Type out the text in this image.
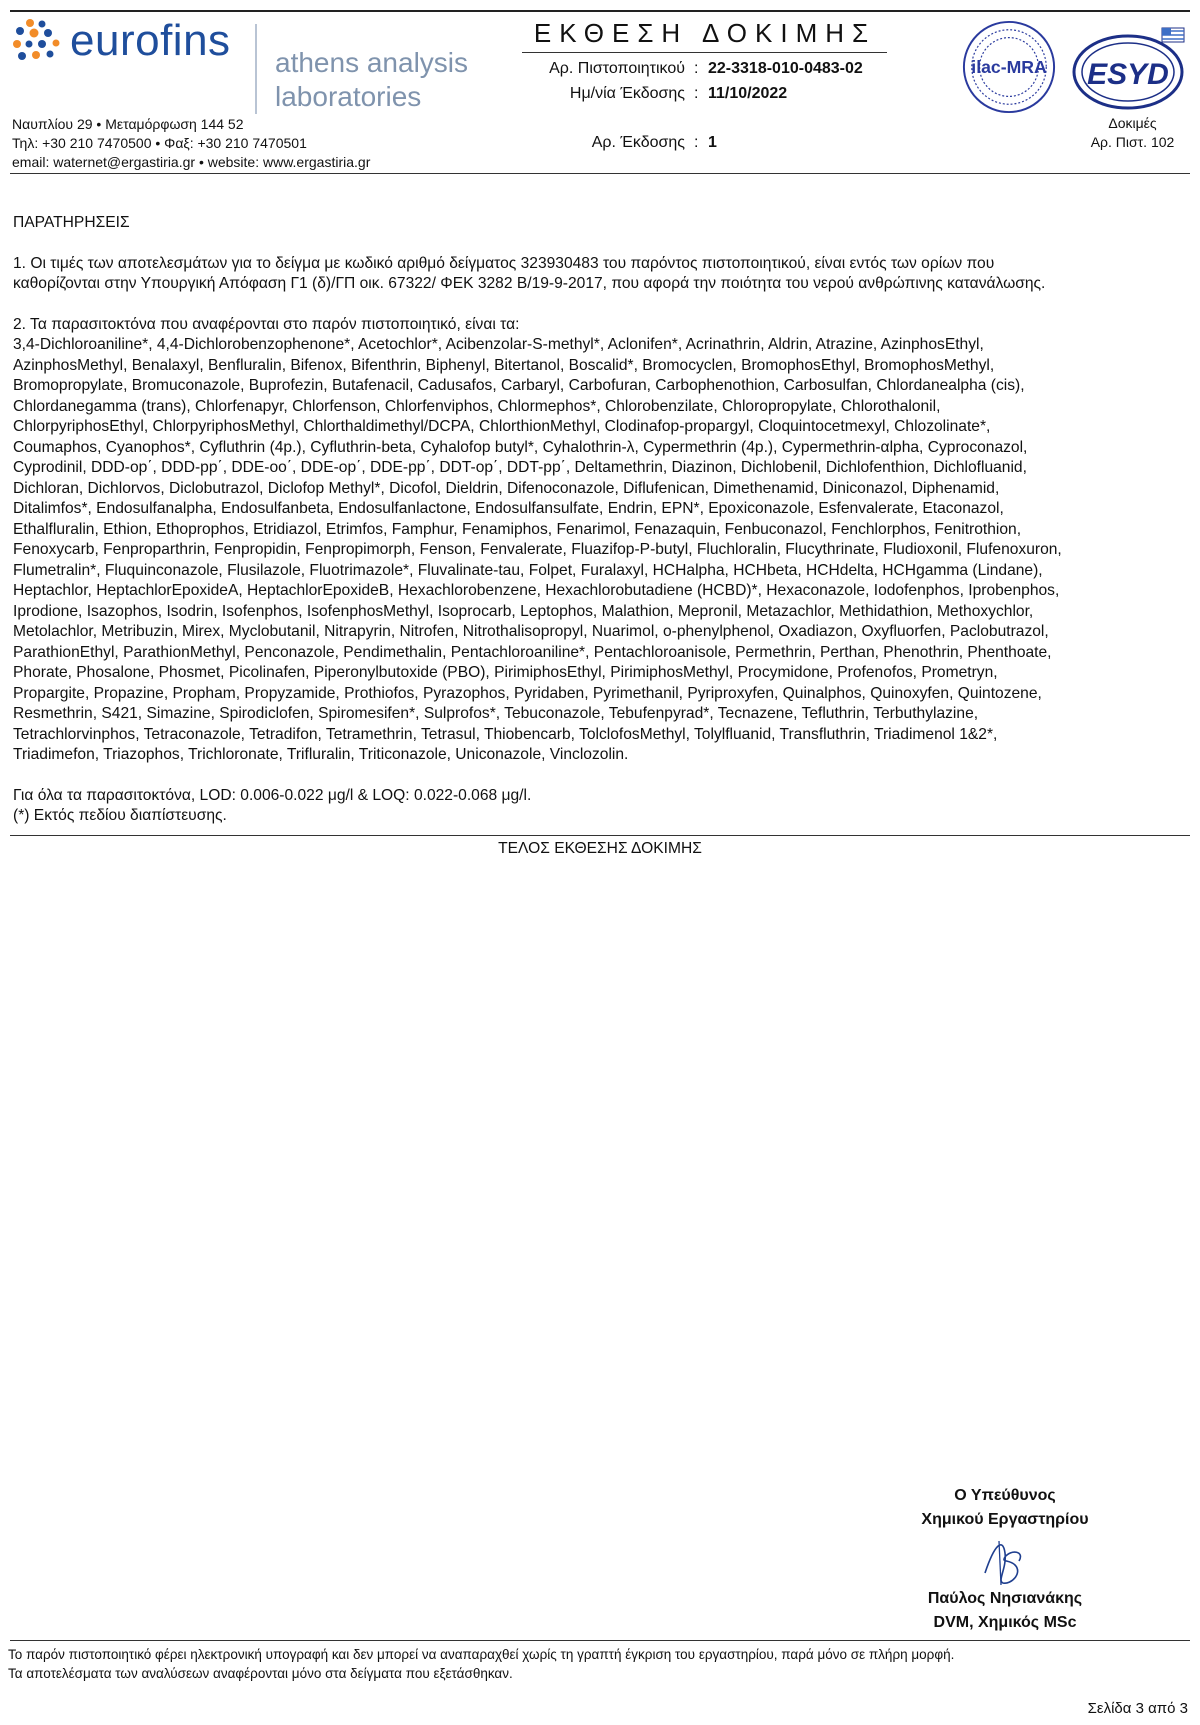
eurofins athens analysis
laboratories
Ναυπλίου 29 • Μεταμόρφωση 144 52
Τηλ: +30 210 7470500 • Φαξ: +30 210 7470501
email: waternet@ergastiria.gr • website: www.ergastiria.gr
ΕΚΘΕΣΗ ΔΟΚΙΜΗΣ
Αρ. Πιστοποιητικού : 22-3318-010-0483-02
Ημ/νία Έκδοσης : 11/10/2022
Αρ. Έκδοσης : 1
ilac-MRA ESYD
Δοκιμές
Αρ. Πιστ. 102
ΠΑΡΑΤΗΡΗΣΕΙΣ
1. Οι τιμές των αποτελεσμάτων για το δείγμα με κωδικό αριθμό δείγματος 323930483 του παρόντος πιστοποιητικού, είναι εντός των ορίων που
καθορίζονται στην Υπουργική Απόφαση Γ1 (δ)/ΓΠ οικ. 67322/ ΦΕΚ 3282 Β/19-9-2017, που αφορά την ποιότητα του νερού ανθρώπινης κατανάλωσης.
2. Τα παρασιτοκτόνα που αναφέρονται στο παρόν πιστοποιητικό, είναι τα:
3,4-Dichloroaniline*, 4,4-Dichlorobenzophenone*, Acetochlor*, Acibenzolar-S-methyl*, Aclonifen*, Acrinathrin, Aldrin, Atrazine, AzinphosEthyl,
AzinphosMethyl, Benalaxyl, Benfluralin, Bifenox, Bifenthrin, Biphenyl, Bitertanol, Boscalid*, Bromocyclen, BromophosEthyl, BromophosMethyl,
Bromopropylate, Bromuconazole, Buprofezin, Butafenacil, Cadusafos, Carbaryl, Carbofuran, Carbophenothion, Carbosulfan, Chlordanealpha (cis),
Chlordanegamma (trans), Chlorfenapyr, Chlorfenson, Chlorfenviphos, Chlormephos*, Chlorobenzilate, Chloropropylate, Chlorothalonil,
ChlorpyriphosEthyl, ChlorpyriphosMethyl, Chlorthaldimethyl/DCPA, ChlorthionMethyl, Clodinafop-propargyl, Cloquintocetmexyl, Chlozolinate*,
Coumaphos, Cyanophos*, Cyfluthrin (4p.), Cyfluthrin-beta, Cyhalofop butyl*, Cyhalothrin-λ, Cypermethrin (4p.), Cypermethrin-αlpha, Cyproconazol,
Cyprodinil, DDD-op΄, DDD-pp΄, DDE-oo΄, DDE-op΄, DDE-pp΄, DDT-op΄, DDT-pp΄, Deltamethrin, Diazinon, Dichlobenil, Dichlofenthion, Dichlofluanid,
Dichloran, Dichlorvos, Diclobutrazol, Diclofop Methyl*, Dicofol, Dieldrin, Difenoconazole, Diflufenican, Dimethenamid, Diniconazol, Diphenamid,
Ditalimfos*, Endosulfanalpha, Endosulfanbeta, Endosulfanlactone, Endosulfansulfate, Endrin, EPN*, Epoxiconazole, Esfenvalerate, Etaconazol,
Ethalfluralin, Ethion, Ethoprophos, Etridiazol, Etrimfos, Famphur, Fenamiphos, Fenarimol, Fenazaquin, Fenbuconazol, Fenchlorphos, Fenitrothion,
Fenoxycarb, Fenproparthrin, Fenpropidin, Fenpropimorph, Fenson, Fenvalerate, Fluazifop-P-butyl, Fluchloralin, Flucythrinate, Fludioxonil, Flufenoxuron,
Flumetralin*, Fluquinconazole, Flusilazole, Fluotrimazole*, Fluvalinate-tau, Folpet, Furalaxyl, HCHalpha, HCHbeta, HCHdelta, HCHgamma (Lindane),
Heptachlor, HeptachlorEpoxideA, HeptachlorEpoxideB, Hexachlorobenzene, Hexachlorobutadiene (HCBD)*, Hexaconazole, Iodofenphos, Iprobenphos,
Iprodione, Isazophos, Isodrin, Isofenphos, IsofenphosMethyl, Isoprocarb, Leptophos, Malathion, Mepronil, Metazachlor, Methidathion, Methoxychlor,
Metolachlor, Metribuzin, Mirex, Myclobutanil, Nitrapyrin, Nitrofen, Nitrothalisopropyl, Nuarimol, o-phenylphenol, Oxadiazon, Oxyfluorfen, Paclobutrazol,
ParathionEthyl, ParathionMethyl, Penconazole, Pendimethalin, Pentachloroaniline*, Pentachloroanisole, Permethrin, Perthan, Phenothrin, Phenthoate,
Phorate, Phosalone, Phosmet, Picolinafen, Piperonylbutoxide (PBO), PirimiphosEthyl, PirimiphosMethyl, Procymidone, Profenofos, Prometryn,
Propargite, Propazine, Propham, Propyzamide, Prothiofos, Pyrazophos, Pyridaben, Pyrimethanil, Pyriproxyfen, Quinalphos, Quinoxyfen, Quintozene,
Resmethrin, S421, Simazine, Spirodiclofen, Spiromesifen*, Sulprofos*, Tebuconazole, Tebufenpyrad*, Tecnazene, Tefluthrin, Terbuthylazine,
Tetrachlorvinphos, Tetraconazole, Tetradifon, Tetramethrin, Tetrasul, Thiobencarb, TolclofosMethyl, Tolylfluanid, Transfluthrin, Triadimenol 1&2*,
Triadimefon, Triazophos, Trichloronate, Trifluralin, Triticonazole, Uniconazole, Vinclozolin.
Για όλα τα παρασιτοκτόνα, LOD: 0.006-0.022 μg/l & LOQ: 0.022-0.068 μg/l.
(*) Εκτός πεδίου διαπίστευσης.
ΤΕΛΟΣ ΕΚΘΕΣΗΣ ΔΟΚΙΜΗΣ
Ο Υπεύθυνος
Χημικού Εργαστηρίου
Παύλος Νησιανάκης
DVM, Χημικός MSc
Το παρόν πιστοποιητικό φέρει ηλεκτρονική υπογραφή και δεν μπορεί να αναπαραχθεί χωρίς τη γραπτή έγκριση του εργαστηρίου, παρά μόνο σε πλήρη μορφή.
Τα αποτελέσματα των αναλύσεων αναφέρονται μόνο στα δείγματα που εξετάσθηκαν.
Σελίδα 3 από 3
